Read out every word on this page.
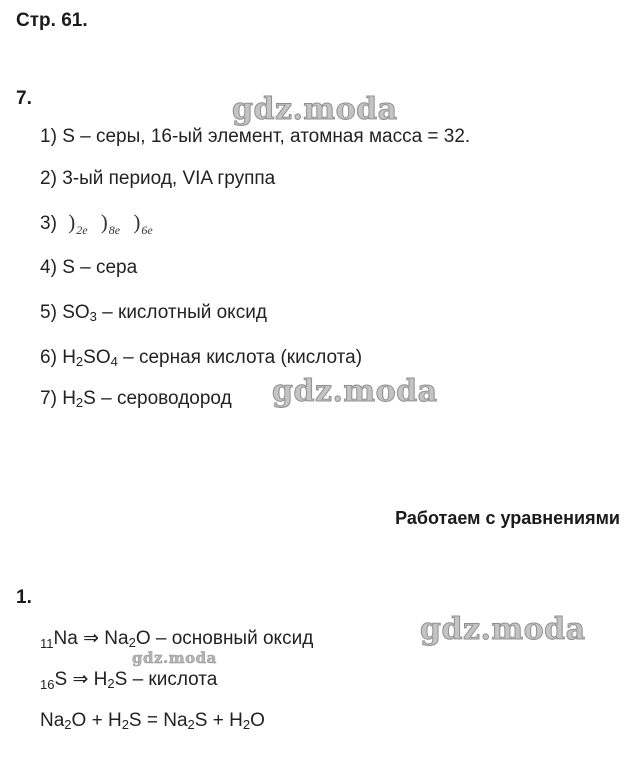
Стр. 61.
7.	gdz.moda
1) S – серы, 16-ый элемент, атомная масса = 32.
2) 3-ый период, VIA группа
3) )$_{2e}$ )$_{8e}$ )$_{6e}$
4) S – сера
5) $SO_3$ – кислотный оксид
6) $H_2SO_4$ – серная кислота (кислота)
7) $H_2S$ – сероводород gdz.moda
Работаем с уравнениями
1.
gdz.moda
$_{11}$Na ⇒ $Na_2O$ – основный оксид
gdz.moda
$_{16}$S ⇒ $H_2S$ – кислота
$Na_2O + H_2S = Na_2S + H_2O$
